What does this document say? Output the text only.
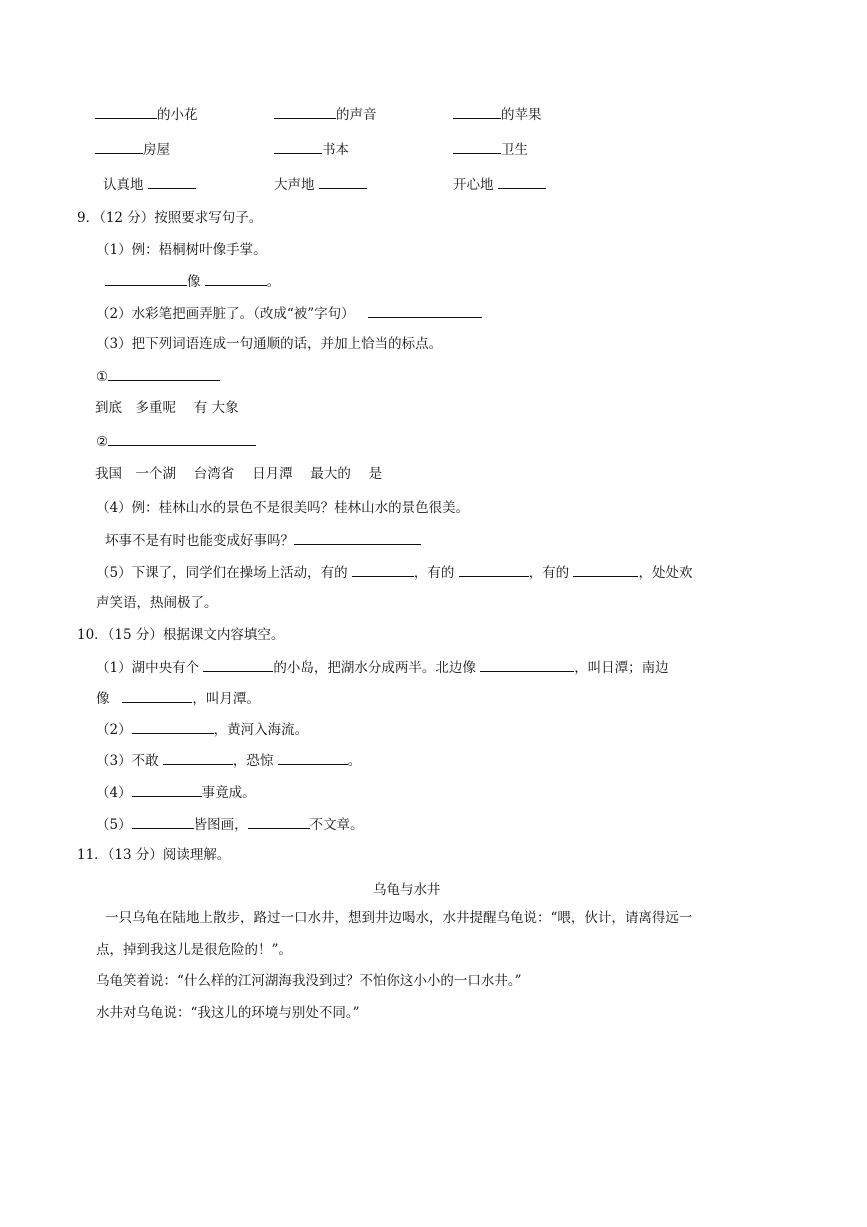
的小花	的声音	的苹果
房屋	书本	卫生
认真地	大声地	开心地
9．（12 分）按照要求写句子。
（1）例：梧桐树叶像手掌。
像	。
（2）水彩笔把画弄脏了。（改成“被”字句）
（3）把下列词语连成一句通顺的话，并加上恰当的标点。
①
到底　多重呢　 有 大象
②
我国　一个湖　 台湾省　 日月潭　 最大的　 是
（4）例：桂林山水的景色不是很美吗？桂林山水的景色很美。
坏事不是有时也能变成好事吗？
（5）下课了，同学们在操场上活动，有的	，有的	，有的	，处处欢
声笑语，热闹极了。
10．（15 分）根据课文内容填空。
（1）湖中央有个	的小岛，把湖水分成两半。北边像	，叫日潭；南边
像	，叫月潭。
（2）	，黄河入海流。
（3）不敢	，恐惊	。
（4）	事竟成。
（5）	皆图画，	不文章。
11．（13 分）阅读理解。
乌龟与水井
一只乌龟在陆地上散步，路过一口水井，想到井边喝水，水井提醒乌龟说：“喂，伙计，请离得远一
点，掉到我这儿是很危险的！”。
乌龟笑着说：“什么样的江河湖海我没到过？不怕你这小小的一口水井。”
水井对乌龟说：“我这儿的环境与别处不同。”
